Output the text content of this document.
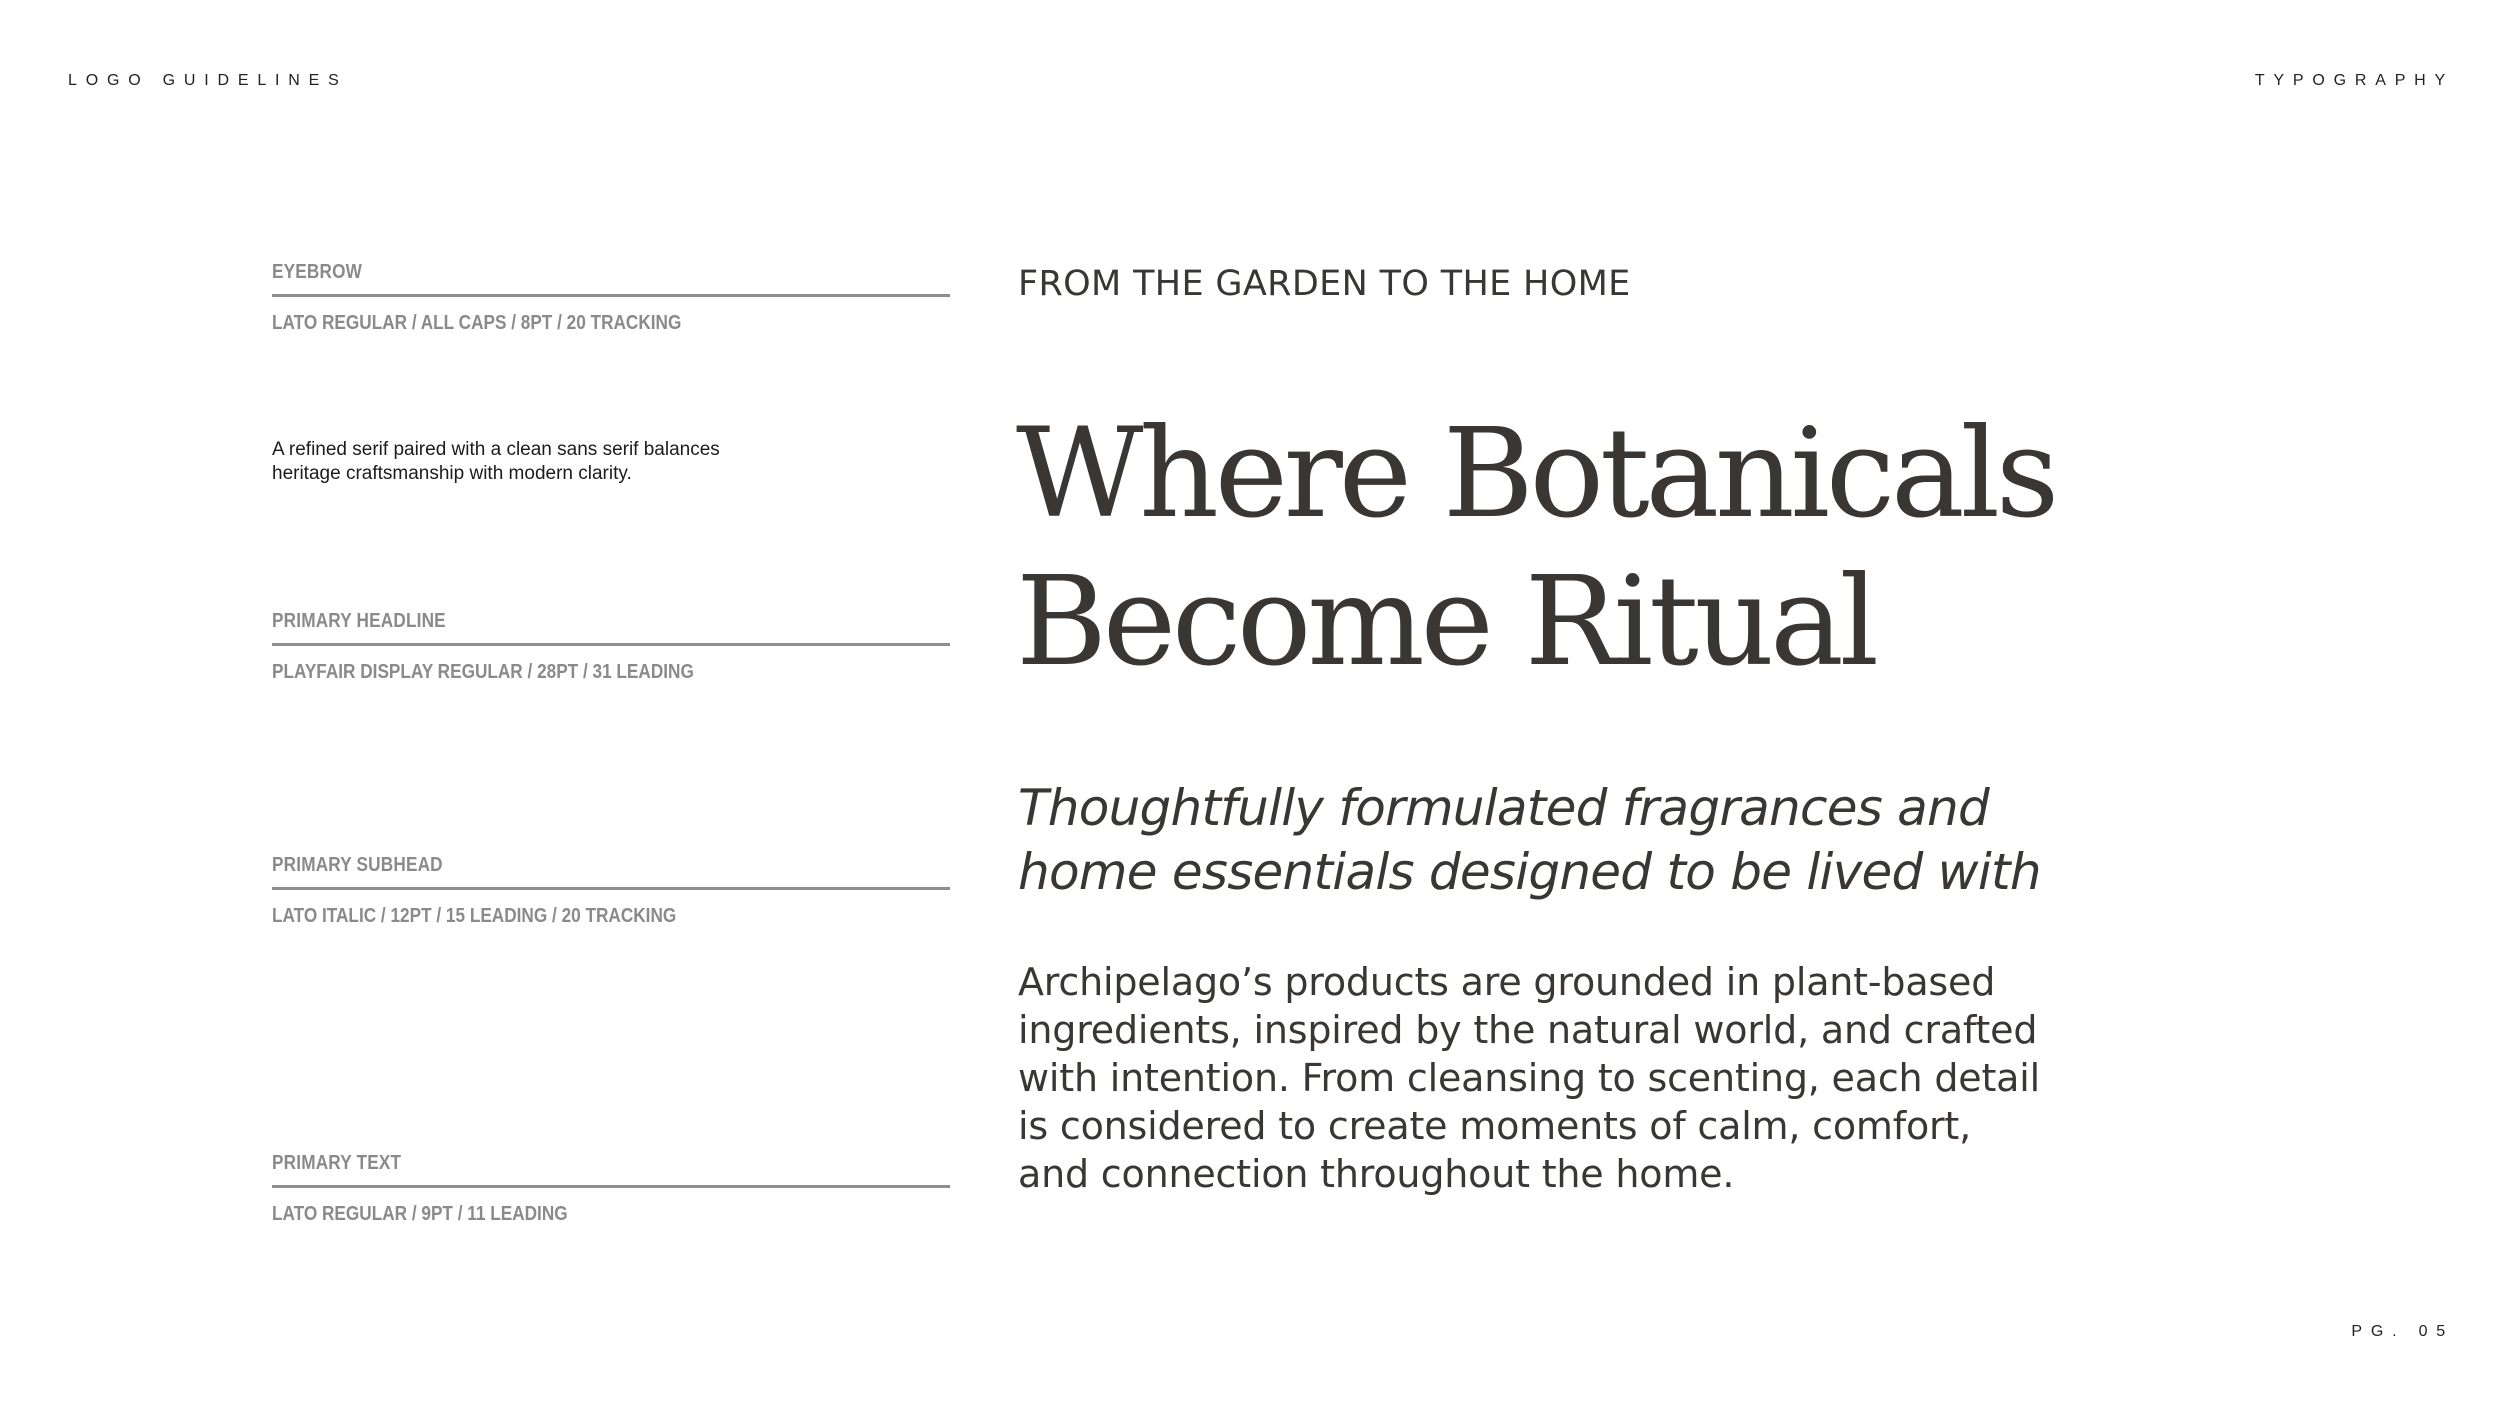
LOGO GUIDELINES	TYPOGRAPHY
EYEBROW
LATO REGULAR / ALL CAPS / 8PT / 20 TRACKING
A refined serif paired with a clean sans serif balances
heritage craftsmanship with modern clarity.
PRIMARY HEADLINE
PLAYFAIR DISPLAY REGULAR / 28PT / 31 LEADING
PRIMARY SUBHEAD
LATO ITALIC / 12PT / 15 LEADING / 20 TRACKING
PRIMARY TEXT
LATO REGULAR / 9PT / 11 LEADING
FROM THE GARDEN TO THE HOME
Where Botanicals
Become Ritual
Thoughtfully formulated fragrances and
home essentials designed to be lived with
Archipelago’s products are grounded in plant-based
ingredients, inspired by the natural world, and crafted
with intention. From cleansing to scenting, each detail
is considered to create moments of calm, comfort,
and connection throughout the home.
PG. 05
